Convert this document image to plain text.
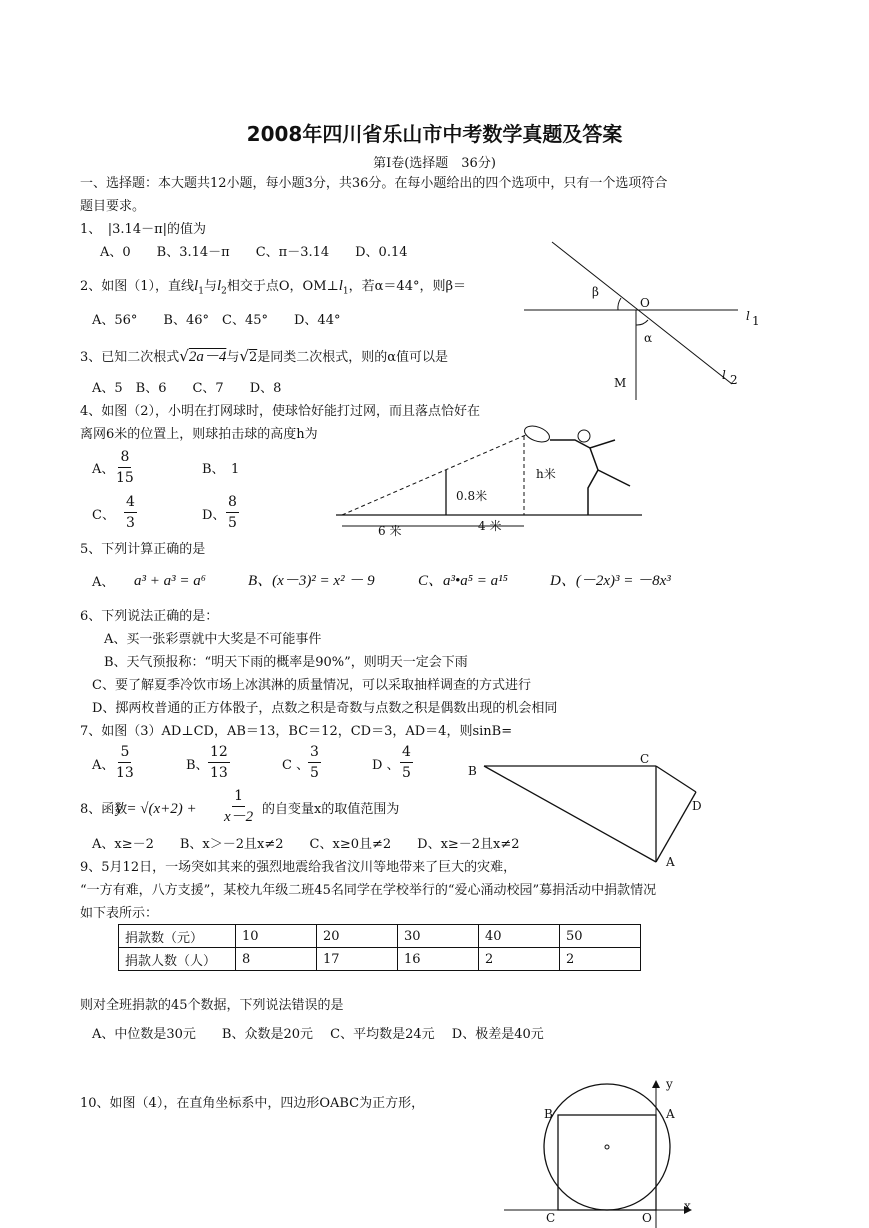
2008年四川省乐山市中考数学真题及答案
第Ⅰ卷(选择题　36分)
一、选择题：本大题共12小题，每小题3分，共36分。在每小题给出的四个选项中，只有一个选项符合
题目要求。
1、　|3.14－π|的值为
A、0　　B、3.14－π　　C、π－3.14　　D、0.14
2、如图（1），直线$l_1$与$l_2$相交于点O，$OM\perp l_1$，若α＝44°，则β＝
A、56°　　B、46°　C、45°　　D、44°
3、已知二次根式√2a－4与√2是同类二次根式，则的α值可以是
A、5　B、6　　C、7　　D、8
4、如图（2），小明在打网球时，使球恰好能打过网，而且落点恰好在
离网6米的位置上，则球拍击球的高度h为
A、 $\frac{8}{15}$	B、　1
C、 $\frac{4}{3}$	D、 $\frac{8}{5}$
5、下列计算正确的是
A、 a³ + a³ = a⁶	B、(x－3)² = x² － 9	C、a³•a⁵ = a¹⁵	D、(－2x)³ = －8x³
6、下列说法正确的是：
A、买一张彩票就中大奖是不可能事件
B、天气预报称：“明天下雨的概率是90%”，则明天一定会下雨
C、要了解夏季冷饮市场上冰淇淋的质量情况，可以采取抽样调查的方式进行
D、掷两枚普通的正方体骰子，点数之积是奇数与点数之积是偶数出现的机会相同
7、如图（3）AD⊥CD，AB＝13，BC＝12，CD＝3，AD＝4，则sinB=
A、 $\frac{5}{13}$	B、 $\frac{12}{13}$	C 、
$\frac{3}{5}$	D 、 $\frac{4}{5}$
8、函数
$y = √(x+2) + \frac{1}{x-2}$ 的自变量x的取值范围为
A、x≥－2　　B、x＞－2且x≠2　　C、x≥0且≠2　　D、x≥－2且x≠2
9、5月12日，一场突如其来的强烈地震给我省汶川等地带来了巨大的灾难，
“一方有难，八方支援”，某校九年级二班45名同学在学校举行的“爱心涌动校园”募捐活动中捐款情况
如下表所示：
捐款数（元）	10	20	30	40	50
捐款人数（人）	8	17	16	2	2
则对全班捐款的45个数据，下列说法错误的是
A、中位数是30元　　B、众数是20元　 C、平均数是24元　 D、极差是40元
10、如图（4），在直角坐标系中，四边形OABC为正方形，
β
O
α
M
l 1
l 2
h米
0.8米
6 米	4 米
B
C
D
A
y
B	A
C	O
x
